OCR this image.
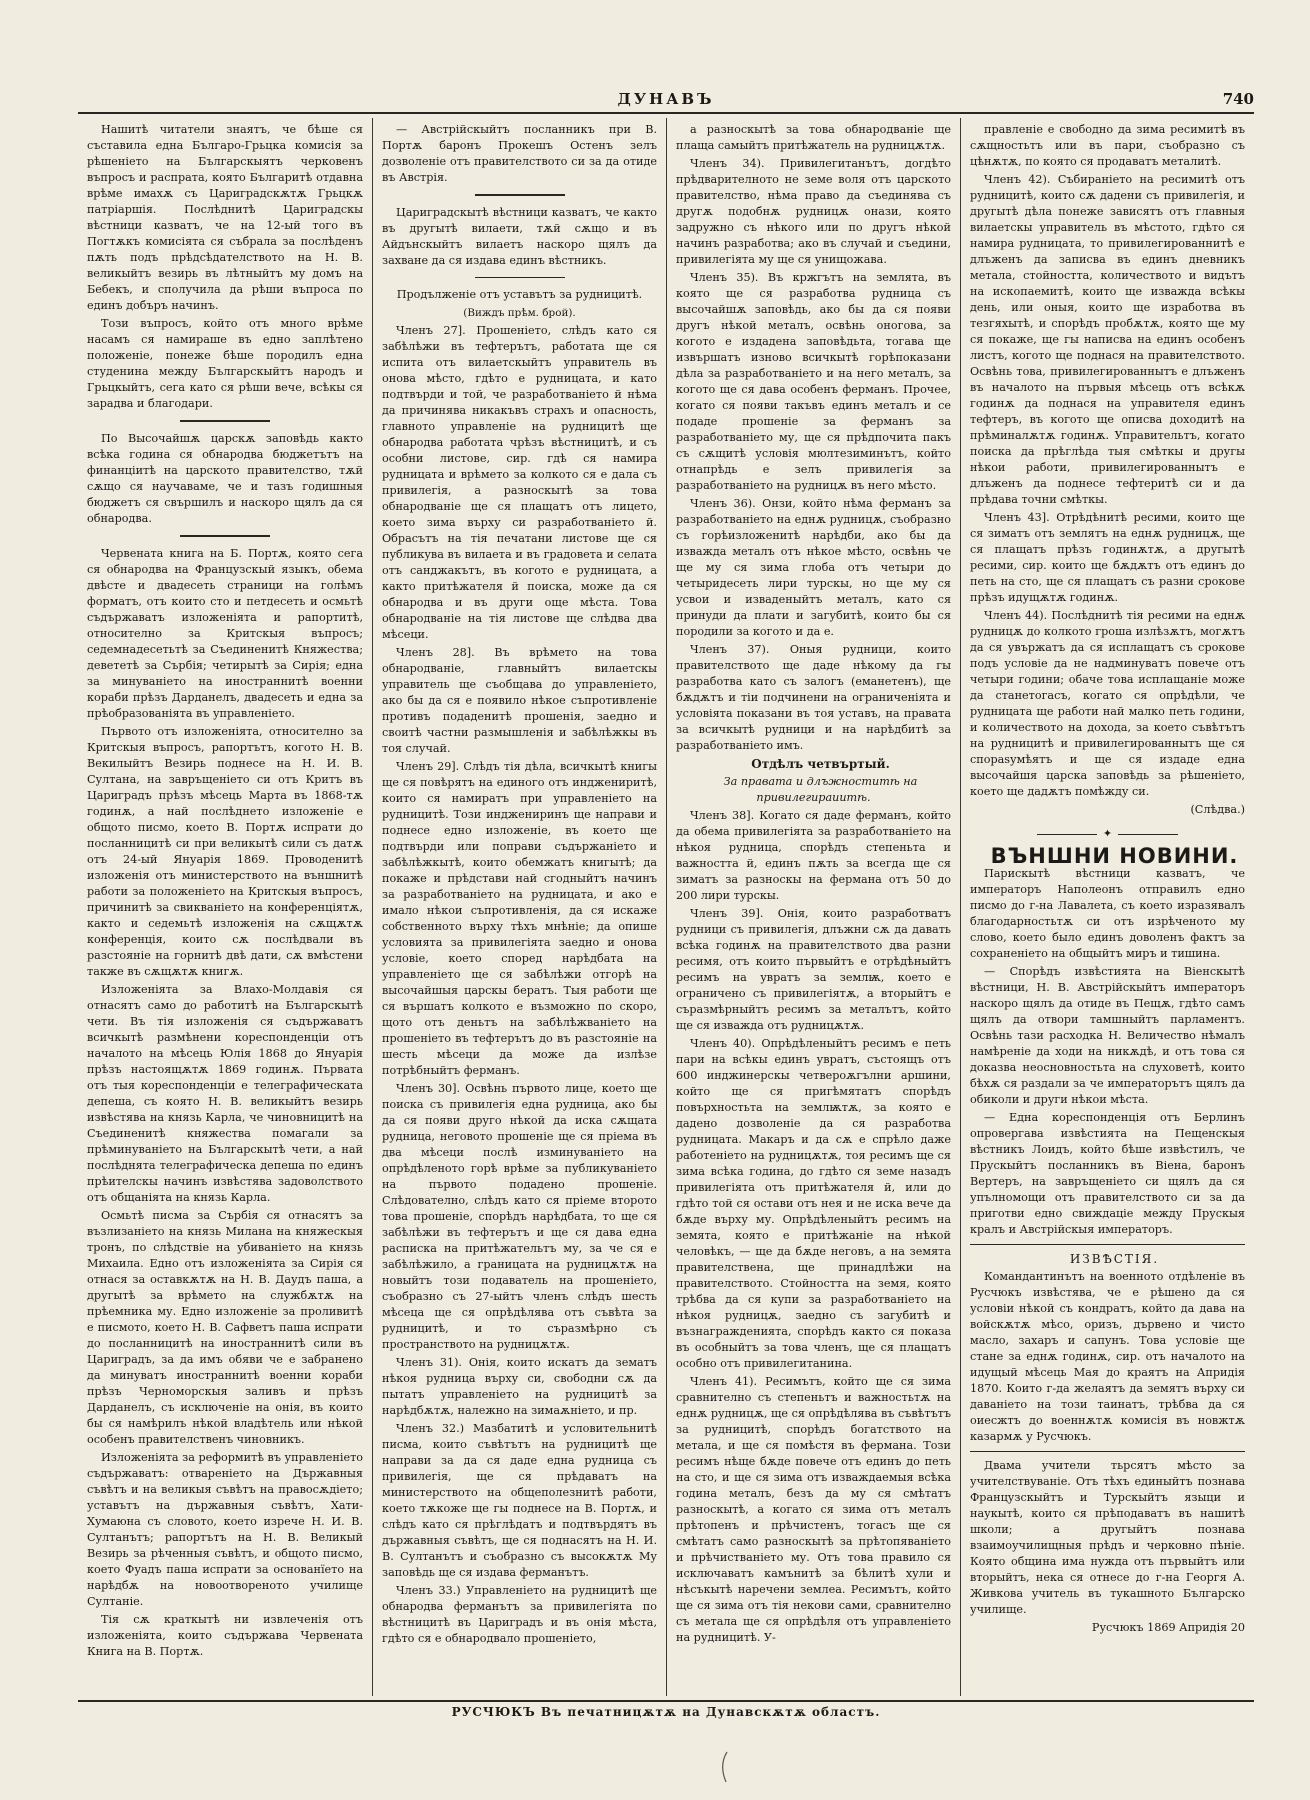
ДУНАВЪ	740

Нашитѣ читатели знаятъ, че бѣше ся съставила една Българо-Грьцка комисія за рѣшеніето на Българскыятъ черковенъ въпросъ и распрата, която Българитѣ отдавна врѣме имахѫ съ Цариградскѫтѫ Грьцкѫ патріаршія. Послѣднитѣ Цариградскы вѣстници казватъ, че на 12-ый того въ Погтѫкъ комисіята ся събрала за послѣденъ пѫть подъ прѣдсѣдателството на Н. В. великыйтъ везирь въ лѣтныйтъ му домъ на Бебекъ, и сполучила да рѣши въпроса по единъ добъръ начинъ.

Този въпросъ, който отъ много врѣме насамъ ся намираше въ едно заплѣтено положеніе, понеже бѣше породилъ една студенина между Българскыйтъ народъ и Грьцкыйтъ, сега като ся рѣши вече, всѣкы ся зарадва и благодари.

По Высочайшѫ царскѫ заповѣдь както всѣка година ся обнародва бюджетътъ на финанціитѣ на царското правителство, тѫй сѫщо ся научаваме, че и тазъ годишныя бюджетъ ся свършилъ и наскоро щялъ да ся обнародва.

Червената книга на Б. Портѫ, която сега ся обнародва на Французскый языкъ, обема двѣсте и двадесеть страници на голѣмъ форматъ, отъ които сто и петдесеть и осмьтѣ съдържаватъ изложеніята и рапортитѣ, относително за Критскыя въпросъ; седемнадесетьтѣ за Съединенитѣ Княжества; девететѣ за Сърбія; четирытѣ за Сирія; една за минуваніето на иностраннитѣ военни кораби прѣзъ Дарданелъ, двадесеть и една за прѣобразованіята въ управленіето.

Първото отъ изложеніята, относително за Критскыя въпросъ, рапортътъ, когото Н. В. Векилыйтъ Везирь поднесе на Н. И. В. Султана, на завръщеніето си отъ Критъ въ Цариградъ прѣзъ мѣсець Марта въ 1868-тѫ годинѫ, а най послѣднето изложеніе е общото писмо, което В. Портѫ испрати до посланницитѣ си при великытѣ сили съ датѫ отъ 24-ый Януарія 1869. Проводенитѣ изложенія отъ министерството на външнитѣ работи за положеніето на Критскыя въпросъ, причинитѣ за свикваніето на конференціятѫ, както и седемьтѣ изложенія на сѫщѫтѫ конференція, които сѫ послѣдвали въ разстояніе на горнитѣ двѣ дати, сѫ вмѣстени также въ сѫщѫтѫ книгѫ.

Изложеніята за Влахо-Молдавія ся отнасятъ само до работитѣ на Българскытѣ чети. Въ тія изложенія ся съдържаватъ всичкытѣ размѣнени кореспонденціи отъ началото на мѣсець Юлія 1868 до Януарія прѣзъ настоящѫтѫ 1869 годинѫ. Първата отъ тыя кореспонденціи е телеграфическата депеша, съ която Н. В. великыйтъ везирь извѣстява на князь Карла, че чиновницитѣ на Съединенитѣ княжества помагали за прѣминуваніето на Българскытѣ чети, а най послѣднята телеграфическа депеша по единъ прѣителскы начинъ извѣстява задоволството отъ общаніята на князь Карла.

Осмьтѣ писма за Сърбія ся отнасятъ за възлизаніето на князь Милана на княжескыя тронъ, по слѣдствіе на убиваніето на князь Михаила. Едно отъ изложеніята за Сирія ся отнася за оставкѫтѫ на Н. В. Даудъ паша, а другытѣ за врѣмето на службѫтѫ на прѣемника му. Едно изложеніе за проливитѣ е писмото, което Н. В. Сафветъ паша испрати до посланницитѣ на иностраннитѣ сили въ Цариградъ, за да имъ обяви че е забранено да минуватъ иностраннитѣ военни кораби прѣзъ Черноморскыя заливъ и прѣзъ Дарданелъ, съ исключеніе на онія, въ които бы ся намѣрилъ нѣкой владѣтель или нѣкой особенъ правителственъ чиновникъ.

Изложеніята за реформитѣ въ управленіето съдържаватъ: отвареніето на Държавныя съвѣтъ и на великыя съвѣтъ на правосѫдіето; уставътъ на държавныя съвѣтъ, Хати-Хумаюна съ словото, което изрече Н. И. В. Султанътъ; рапортътъ на Н. В. Великый Везирь за рѣченныя съвѣтъ, и общото писмо, което Фуадъ паша испрати за основанїето на нарѣдбѫ на новоотвореното училище Султаніе.

Тія сѫ краткытѣ ни извлеченія отъ изложеніята, които съдържава Червената Книга на В. Портѫ.

— Австрійскыйтъ посланникъ при В. Портѫ баронъ Прокешъ Остенъ зелъ дозволеніе отъ правителството си за да отиде въ Австрія.

Цариградскытѣ вѣстници казватъ, че както въ другытѣ вилаети, тѫй сѫщо и въ Айдънскыйтъ вилаетъ наскоро щялъ да захване да ся издава единъ вѣстникъ.

Продълженіе отъ уставътъ за рудницитѣ.

(Виждъ прѣм. брой).

Членъ 27]. Прошеніето, слѣдъ като ся забѣлѣжи въ тефтерътъ, работата ще ся испита отъ вилаетскыйтъ управитель въ онова мѣсто, гдѣто е рудницата, и като подтвърди и той, че разработваніето й нѣма да причинява никакъвъ страхъ и опасность, главното управленіе на рудницитѣ ще обнародва работата чрѣзъ вѣстницитѣ, и съ особни листове, сир. гдѣ ся намира рудницата и врѣмето за колкото ся е дала съ привилегія, а разноскытѣ за това обнародваніе ще ся плащатъ отъ лицето, което зима върху си разработваніето й. Обрасътъ на тія печатани листове ще ся публикува въ вилаета и въ градовета и селата отъ санджакътъ, въ когото е рудницата, а както притѣжателя й поиска, може да ся обнародва и въ други още мѣста. Това обнародваніе на тія листове ще слѣдва два мѣсеци.

Членъ 28]. Въ врѣмето на това обнародваніе, главныйтъ вилаетскы управитель ще съобщава до управленіето, ако бы да ся е появило нѣкое съпротивленіе противъ подаденитѣ прошенія, заедно и своитѣ частни размышленія и забѣлѣжкы въ тоя случай.

Членъ 29]. Слѣдъ тія дѣла, всичкытѣ книгы ще ся повѣрятъ на единого отъ инджениритѣ, които ся намиратъ при управленіето на рудницитѣ. Този инджениринъ ще направи и поднесе едно изложеніе, въ което ще подтвърди или поправи съдържаніето и забѣлѣжкытѣ, които обемжатъ книгытѣ; да покаже и прѣдстави най сгодныйтъ начинъ за разработваніето на рудницата, и ако е имало нѣкои съпротивленія, да ся искаже собственното върху тѣхъ мнѣніе; да опише условията за привилегіята заедно и онова условіе, което според нарѣдбата на управленіето ще ся забѣлѣжи отгорѣ на высочайшыя царскы бератъ. Тыя работи ще ся вършатъ колкото е възможно по скоро, щото отъ деньтъ на забѣлѣжваніето на прошеніето въ тефтерътъ до въ разстояніе на шесть мѣсеци да може да излѣзе потрѣбныйтъ ферманъ.

Членъ 30]. Освѣнь първото лице, което ще поиска съ привилегія една рудница, ако бы да ся появи друго нѣкой да иска сѫщата рудница, неговото прошеніе ще ся пріема въ два мѣсеци послѣ изминуваніето на опрѣдѣленото горѣ врѣме за публикуваніето на първото подадено прошеніе. Слѣдователно, слѣдъ като ся пріеме второто това прошеніе, спорѣдъ нарѣдбата, то ще ся забѣлѣжи въ тефтерътъ и ще ся дава една расписка на притѣжательтъ му, за че ся е забѣлѣжило, а границата на рудницѫтѫ на новыйтъ този подаватель на прошеніето, съобразно съ 27-ыйтъ членъ слѣдъ шесть мѣсеца ще ся опрѣдѣлява отъ съвѣта за рудницитѣ, и то съразмѣрно съ пространството на рудницѫтѫ.

Членъ 31). Онія, които искатъ да зематъ нѣкоя рудница върху си, свободни сѫ да пытатъ управленіето на рудницитѣ за нарѣдбѫтѫ, належно на зимаѫніето, и пр.

Членъ 32.) Мазбатитѣ и условительнитѣ писма, които съвѣтътъ на рудницитѣ ще направи за да ся даде една рудница съ привилегія, ще ся прѣдаватъ на министерството на общеполезнитѣ работи, което тѫкоже ще гы поднесе на В. Портѫ, и слѣдъ като ся прѣглѣдатъ и подтвърдятъ въ държавныя съвѣтъ, ще ся поднасятъ на Н. И. В. Султанътъ и съобразно съ высокѫтѫ Му заповѣдь ще ся издава ферманътъ.

Членъ 33.) Управленіето на рудницитѣ ще обнародва ферманътъ за привилегіята по вѣстницитѣ въ Цариградъ и въ онія мѣста, гдѣто ся е обнародвало прошеніето,

а разноскытѣ за това обнародваніе ще плаща самыйтъ притѣжатель на рудницѫтѫ.

Членъ 34). Привилегитанътъ, догдѣто прѣдварителното не земе воля отъ царското правителство, нѣма право да съединява съ другѫ подобнѫ рудницѫ онази, която задружно съ нѣкого или по другъ нѣкой начинъ разработва; ако въ случай и съедини, привилегіята му ще ся унищожава.

Членъ 35). Въ кржгътъ на землята, въ която ще ся разработва рудница съ высочайшѫ заповѣдь, ако бы да ся появи другъ нѣкой металъ, освѣнь оногова, за когото е издадена заповѣдьта, тогава ще извършатъ изново всичкытѣ горѣпоказани дѣла за разработваніето и на него металъ, за когото ще ся дава особенъ ферманъ. Прочее, когато ся появи такъвъ единъ металъ и се подаде прошеніе за ферманъ за разработваніето му, ще ся прѣдпочита пакъ съ сѫщитѣ условія мюлтезиминътъ, който отнапрѣдь е зелъ привилегія за разработваніето на рудницѫ въ него мѣсто.

Членъ 36). Онзи, който нѣма ферманъ за разработваніето на еднѫ рудницѫ, съобразно съ горѣизложенитѣ нарѣдби, ако бы да изважда металъ отъ нѣкое мѣсто, освѣнь че ще му ся зима глоба отъ четыри до четыридесеть лири турскы, но ще му ся усвои и изваденыйтъ металъ, като ся принуди да плати и загубитѣ, които бы ся породили за когото и да е.

Членъ 37). Оныя рудници, които правителството ще даде нѣкому да гы разработва като съ залогъ (еманетенъ), ще бѫдѫтъ и тіи подчинени на ограниченіята и условіята показани въ тоя уставъ, на правата за всичкытѣ рудници и на нарѣдбитѣ за разработваніето имъ.

Отдѣлъ четвъртый.

За правата и длъжноститѣ на привилегираиитѣ.

Членъ 38]. Когато ся даде ферманъ, който да обема привилегіята за разработваніето на нѣкоя рудница, спорѣдъ степеньта и важността й, единъ пѫть за всегда ще ся зиматъ за разноскы на фермана отъ 50 до 200 лири турскы.

Членъ 39]. Онія, които разработватъ рудници съ привилегія, длъжни сѫ да давать всѣка годинѫ на правителството два разни ресимя, отъ които първыйтъ е отрѣдѣныйтъ ресимъ на увратъ за землѭ, което е ограничено съ привилегіятѫ, а вторыйтъ е съразмѣрныйтъ ресимъ за металътъ, който ще ся изважда отъ рудницѫтѫ.

Членъ 40). Опрѣдѣленыйтъ ресимъ е петь пари на всѣкы единъ увратъ, състоящъ отъ 600 инджинерскы четвероѫгълни аршини, който ще ся пригѣмятатъ спорѣдъ повърхностьта на землѭтѫ, за която е дадено дозволеніе да ся разработва рудницата. Макаръ и да сѫ е спрѣло даже работеніето на рудницѫтѫ, тоя ресимъ ще ся зима всѣка година, до гдѣто ся земе назадъ привилегіята отъ притѣжателя й, или до гдѣто той ся остави отъ нея и не иска вече да бѫде върху му. Опрѣдѣленыйтъ ресимъ на земята, която е притѣжаніе на нѣкой человѣкъ, — ще да бѫде неговъ, а на земята правителствена, ще принадлѣжи на правителството. Стойността на земя, която трѣбва да ся купи за разработваніето на нѣкоя рудницѫ, заедно съ загубитѣ и възнагражденията, спорѣдъ както ся показа въ особныйтъ за това членъ, ще ся плащатъ особно отъ привилегитанина.

Членъ 41). Ресимътъ, който ще ся зима сравнително съ степеньтъ и важностьтѫ на еднѫ рудницѫ, ще ся опрѣдѣлява въ съвѣтътъ за рудницитѣ, спорѣдъ богатството на метала, и ще ся помѣстя въ фермана. Този ресимъ нѣще бѫде повече отъ единъ до петь на сто, и ще ся зима отъ изваждаемыя всѣка година металъ, безъ да му ся смѣтатъ разноскытѣ, а когато ся зима отъ металъ прѣтопенъ и прѣчистенъ, тогасъ ще ся смѣтатъ само разноскытѣ за прѣтопяваніето и прѣчистваніето му. Отъ това правило ся исключаватъ камънитѣ за бѣлитѣ хули и нѣсъкытѣ наречени землеа. Ресимътъ, който ще ся зима отъ тія некови сами, сравнително съ метала ще ся опрѣдѣля отъ управленіето на рудницитѣ. У-

правленіе е свободно да зима ресимитѣ въ сѫщностьтъ или въ пари, съобразно съ цѣнѫтѫ, по която ся продаватъ металитѣ.

Членъ 42). Събираніето на ресимитѣ отъ рудницитѣ, които сѫ дадени съ привилегія, и другытѣ дѣла понеже зависятъ отъ главныя вилаетскы управитель въ мѣстото, гдѣто ся намира рудницата, то привилегированнитѣ е длъженъ да записва въ единъ дневникъ метала, стойността, количеството и видътъ на ископаемитѣ, които ще изважда всѣкы день, или оныя, които ще изработва въ тезгяхытѣ, и спорѣдъ пробѫтѫ, която ще му ся покаже, ще гы написва на единъ особенъ листъ, когото ще поднася на правителството. Освѣнь това, привилегированнытъ е длъженъ въ началото на първыя мѣсець отъ всѣкѫ годинѫ да поднася на управителя единъ тефтеръ, въ когото ще описва доходитѣ на прѣминалѫтѫ годинѫ. Управительтъ, когато поиска да прѣглѣда тыя смѣткы и другы нѣкои работи, привилегированнытъ е длъженъ да поднесе тефтеритѣ си и да прѣдава точни смѣткы.

Членъ 43]. Отрѣдѣнитѣ ресими, които ще ся зиматъ отъ землятъ на еднѫ рудницѫ, ще ся плащатъ прѣзъ годинѫтѫ, а другытѣ ресими, сир. които ще бѫдѫтъ отъ единъ до петь на сто, ще ся плащатъ съ разни срокове прѣзъ идущѫтѫ годинѫ.

Членъ 44). Послѣднитѣ тія ресими на еднѫ рудницѫ до колкото гроша излѣзѫтъ, могѫтъ да ся увържатъ да ся исплащатъ съ срокове подъ условіе да не надминуватъ повече отъ четыри години; обаче това исплащаніе може да станетогасъ, когато ся опрѣдѣли, че рудницата ще работи най малко петь години, и количеството на дохода, за което съвѣтътъ на рудницитѣ и привилегированнытъ ще ся спораѕумѣятъ и ще ся издаде една высочайшя царска заповѣдь за рѣшеніето, което ще дадѫтъ помѣжду си.

(Слѣдва.)

✦

ВЪНШНИ НОВИНИ.

Парискытѣ вѣстници казватъ, че императоръ Наполеонъ отправилъ едно писмо до г-на Лавалета, съ което изразявалъ благодарностьтѫ си отъ изрѣченото му слово, което было единъ доволенъ фактъ за сохраненіето на общыйтъ миръ и тишина.

— Спорѣдъ извѣстията на Віенскытѣ вѣстници, Н. В. Австрійскыйтъ императоръ наскоро щялъ да отиде въ Пещѫ, гдѣто самъ щялъ да отвори тамшныйтъ парламентъ. Освѣнь тази расходка Н. Величество нѣмалъ намѣреніе да ходи на никѫдѣ, и отъ това ся доказва неосновностьта на слуховетѣ, които бѣхѫ ся раздали за че императорътъ щялъ да обиколи и други нѣкои мѣста.

— Една кореспонденція отъ Берлинъ опровергава извѣстията на Пещенскыя вѣстникъ Лоидъ, който бѣше извѣстилъ, че Прускыйтъ посланникъ въ Віена, баронъ Вертеръ, на завръщеніето си щялъ да ся упълномощи отъ правителството си за да приготви едно свиждаціе между Прускыя кралъ и Австрійскыя императоръ.

ИЗВѢСТІЯ.

Командантинътъ на военното отдѣленіе въ Русчюкъ извѣстява, че е рѣшено да ся условіи нѣкой съ кондратъ, който да дава на войскѫтѫ мѣсо, оризъ, дървено и чисто масло, захаръ и сапунъ. Това условіе ще стане за еднѫ годинѫ, сир. отъ началото на идущый мѣсець Мая до краятъ на Апридія 1870. Които г-да желаятъ да земятъ върху си даваніето на този таинатъ, трѣбва да ся оиесжтъ до военнѫтѫ комисія въ новжтѫ казармѫ у Русчюкъ.

Двама учители тьрсятъ мѣсто за учителствуваніе. Отъ тѣхъ единыйтъ познава Французскыйтъ и Турскыйтъ языци и наукытѣ, които ся прѣподаватъ въ нашитѣ школи; а другыйтъ познава взаимоучилищныя прѣдъ и черковно пѣніе. Която община има нужда отъ първыйтъ или вторыйтъ, нека ся отнесе до г-на Георгя А. Живкова учитель въ тукашното Българско училище.

Русчюкъ 1869 Апридія 20

РУСЧЮКЪ Въ печатницѫтѫ на Дунавскѫтѫ областъ.
